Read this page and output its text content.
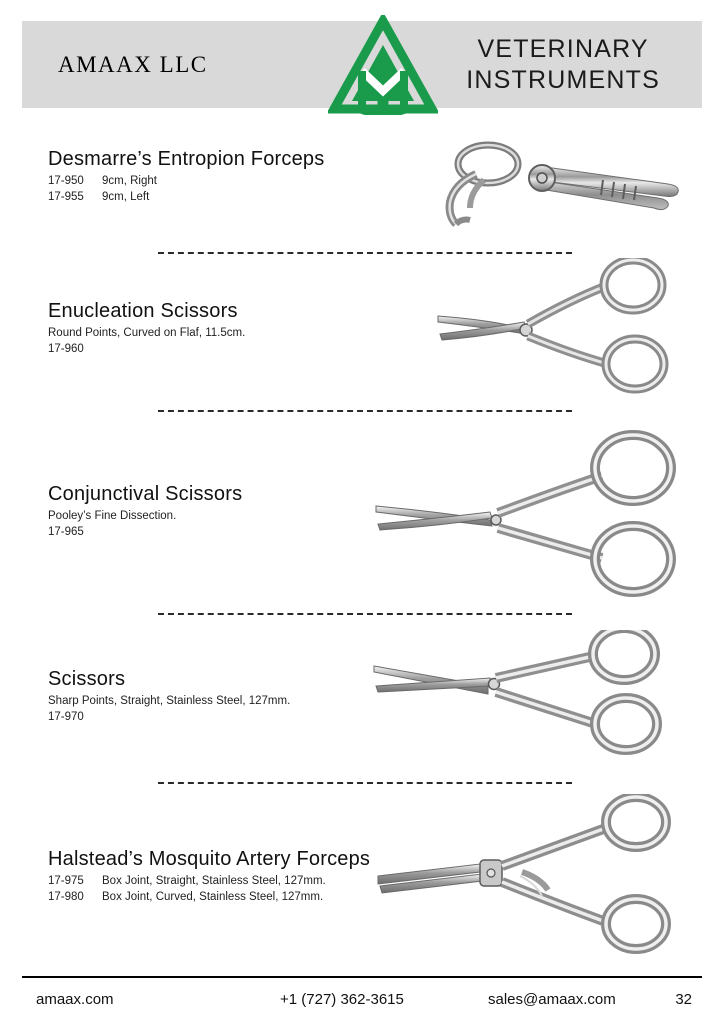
AMAAX LLC
VETERINARY
INSTRUMENTS
Desmarre’s Entropion Forceps
17-950 9cm, Right
17-955 9cm, Left
Enucleation Scissors
Round Points, Curved on Flaf, 11.5cm.
17-960
Conjunctival Scissors
Pooley’s Fine Dissection.
17-965
Scissors
Sharp Points, Straight, Stainless Steel, 127mm.
17-970
Halstead’s Mosquito Artery Forceps
17-975 Box Joint, Straight, Stainless Steel, 127mm.
17-980 Box Joint, Curved, Stainless Steel, 127mm.
amaax.com	+1 (727) 362-3615	sales@amaax.com	32
